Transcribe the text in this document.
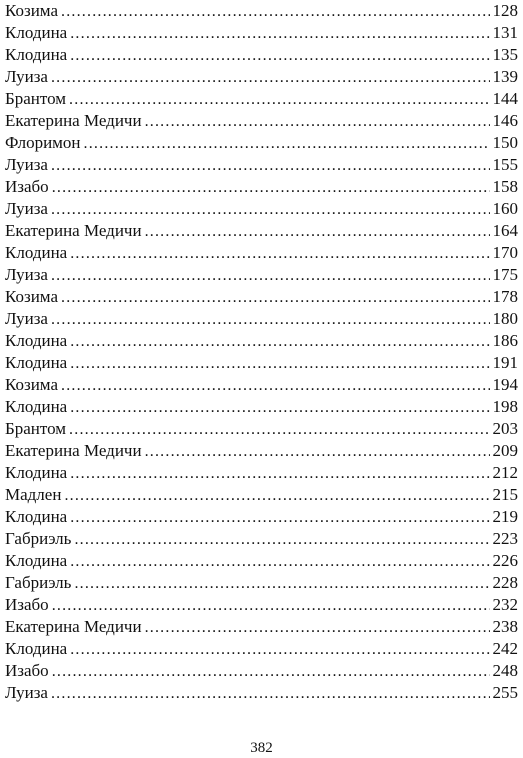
Козима .....	128
Клодина .....	131
Клодина .....	135
Луиза .....	139
Брантом .....	144
Екатерина Медичи .....	146
Флоримон .....	150
Луиза .....	155
Изабо .....	158
Луиза .....	160
Екатерина Медичи .....	164
Клодина .....	170
Луиза .....	175
Козима .....	178
Луиза .....	180
Клодина .....	186
Клодина .....	191
Козима .....	194
Клодина .....	198
Брантом .....	203
Екатерина Медичи .....	209
Клодина .....	212
Мадлен .....	215
Клодина .....	219
Габриэль .....	223
Клодина .....	226
Габриэль .....	228
Изабо .....	232
Екатерина Медичи .....	238
Клодина .....	242
Изабо .....	248
Луиза .....	255
382
